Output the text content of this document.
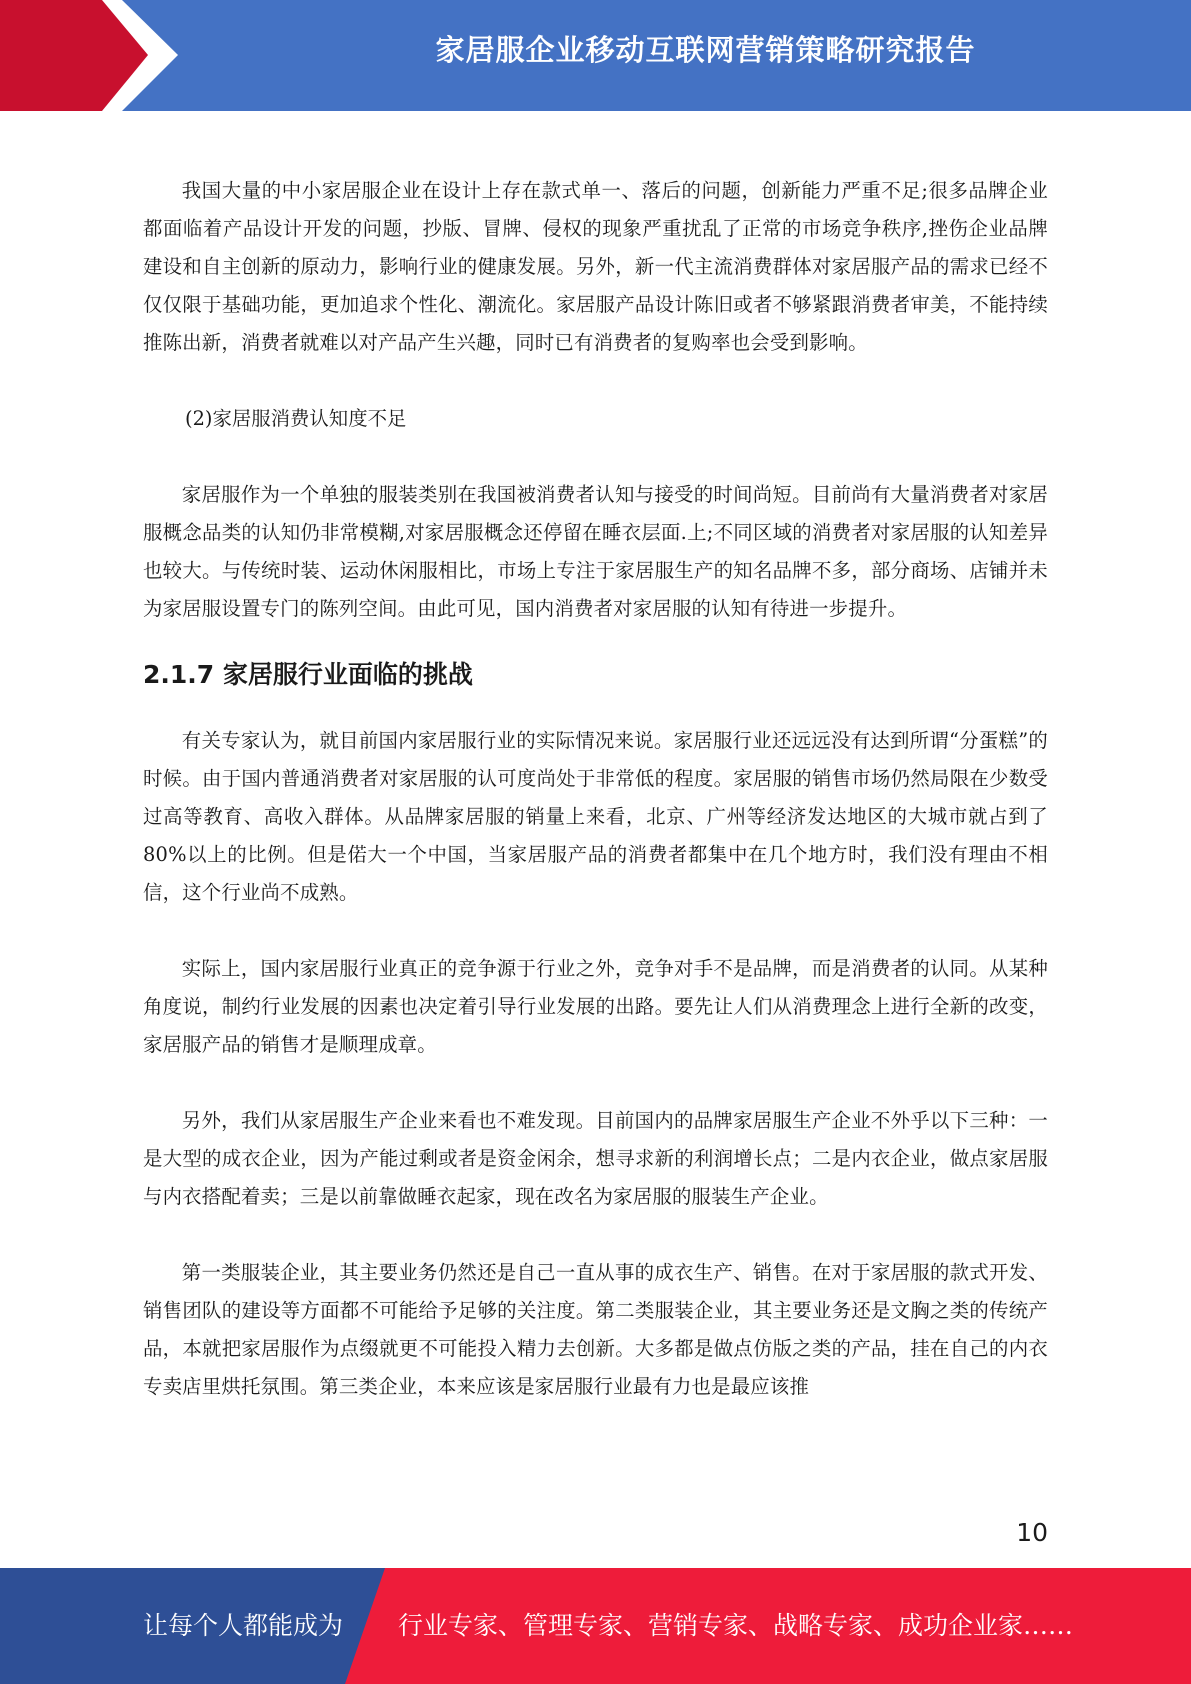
家居服企业移动互联网营销策略研究报告

我国大量的中小家居服企业在设计上存在款式单一、落后的问题，创新能力严重不足;很多品牌企业都面临着产品设计开发的问题，抄版、冒牌、侵权的现象严重扰乱了正常的市场竞争秩序,挫伤企业品牌建设和自主创新的原动力，影响行业的健康发展。另外，新一代主流消费群体对家居服产品的需求已经不仅仅限于基础功能，更加追求个性化、潮流化。家居服产品设计陈旧或者不够紧跟消费者审美，不能持续推陈出新，消费者就难以对产品产生兴趣，同时已有消费者的复购率也会受到影响。

(2)家居服消费认知度不足

家居服作为一个单独的服装类别在我国被消费者认知与接受的时间尚短。目前尚有大量消费者对家居服概念品类的认知仍非常模糊,对家居服概念还停留在睡衣层面.上;不同区域的消费者对家居服的认知差异也较大。与传统时装、运动休闲服相比，市场上专注于家居服生产的知名品牌不多，部分商场、店铺并未为家居服设置专门的陈列空间。由此可见，国内消费者对家居服的认知有待进一步提升。

2.1.7 家居服行业面临的挑战

有关专家认为，就目前国内家居服行业的实际情况来说。家居服行业还远远没有达到所谓“分蛋糕”的时候。由于国内普通消费者对家居服的认可度尚处于非常低的程度。家居服的销售市场仍然局限在少数受过高等教育、高收入群体。从品牌家居服的销量上来看，北京、广州等经济发达地区的大城市就占到了 80%以上的比例。但是偌大一个中国，当家居服产品的消费者都集中在几个地方时，我们没有理由不相信，这个行业尚不成熟。

实际上，国内家居服行业真正的竞争源于行业之外，竞争对手不是品牌，而是消费者的认同。从某种角度说，制约行业发展的因素也决定着引导行业发展的出路。要先让人们从消费理念上进行全新的改变，家居服产品的销售才是顺理成章。

另外，我们从家居服生产企业来看也不难发现。目前国内的品牌家居服生产企业不外乎以下三种：一是大型的成衣企业，因为产能过剩或者是资金闲余，想寻求新的利润增长点；二是内衣企业，做点家居服与内衣搭配着卖；三是以前靠做睡衣起家，现在改名为家居服的服装生产企业。

第一类服装企业，其主要业务仍然还是自己一直从事的成衣生产、销售。在对于家居服的款式开发、销售团队的建设等方面都不可能给予足够的关注度。第二类服装企业，其主要业务还是文胸之类的传统产品，本就把家居服作为点缀就更不可能投入精力去创新。大多都是做点仿版之类的产品，挂在自己的内衣专卖店里烘托氛围。第三类企业，本来应该是家居服行业最有力也是最应该推

10
让每个人都能成为 行业专家、管理专家、营销专家、战略专家、成功企业家……
